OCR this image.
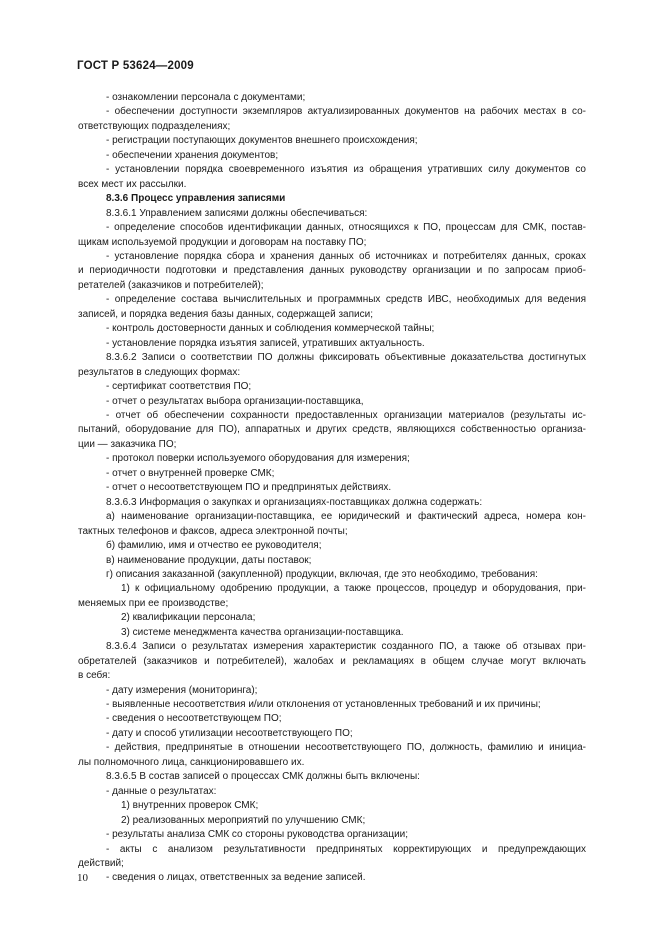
ГОСТ Р 53624—2009
- ознакомлении персонала с документами;
- обеспечении доступности экземпляров актуализированных документов на рабочих местах в со-
ответствующих подразделениях;
- регистрации поступающих документов внешнего происхождения;
- обеспечении хранения документов;
- установлении порядка своевременного изъятия из обращения утративших силу документов со
всех мест их рассылки.
8.3.6 Процесс управления записями
8.3.6.1 Управлением записями должны обеспечиваться:
- определение способов идентификации данных, относящихся к ПО, процессам для СМК, постав-
щикам используемой продукции и договорам на поставку ПО;
- установление порядка сбора и хранения данных об источниках и потребителях данных, сроках
и периодичности подготовки и представления данных руководству организации и по запросам приоб-
ретателей (заказчиков и потребителей);
- определение состава вычислительных и программных средств ИВС, необходимых для ведения
записей, и порядка ведения базы данных, содержащей записи;
- контроль достоверности данных и соблюдения коммерческой тайны;
- установление порядка изъятия записей, утративших актуальность.
8.3.6.2 Записи о соответствии ПО должны фиксировать объективные доказательства достигнутых
результатов в следующих формах:
- сертификат соответствия ПО;
- отчет о результатах выбора организации-поставщика,
- отчет об обеспечении сохранности предоставленных организации материалов (результаты ис-
пытаний, оборудование для ПО), аппаратных и других средств, являющихся собственностью организа-
ции — заказчика ПО;
- протокол поверки используемого оборудования для измерения;
- отчет о внутренней проверке СМК;
- отчет о несоответствующем ПО и предпринятых действиях.
8.3.6.3 Информация о закупках и организациях-поставщиках должна содержать:
а) наименование организации-поставщика, ее юридический и фактический адреса, номера кон-
тактных телефонов и факсов, адреса электронной почты;
б) фамилию, имя и отчество ее руководителя;
в) наименование продукции, даты поставок;
г) описания заказанной (закупленной) продукции, включая, где это необходимо, требования:
1) к официальному одобрению продукции, а также процессов, процедур и оборудования, при-
меняемых при ее производстве;
2) квалификации персонала;
3) системе менеджмента качества организации-поставщика.
8.3.6.4 Записи о результатах измерения характеристик созданного ПО, а также об отзывах при-
обретателей (заказчиков и потребителей), жалобах и рекламациях в общем случае могут включать
в себя:
- дату измерения (мониторинга);
- выявленные несоответствия и/или отклонения от установленных требований и их причины;
- сведения о несоответствующем ПО;
- дату и способ утилизации несоответствующего ПО;
- действия, предпринятые в отношении несоответствующего ПО, должность, фамилию и инициа-
лы полномочного лица, санкционировавшего их.
8.3.6.5 В состав записей о процессах СМК должны быть включены:
- данные о результатах:
1) внутренних проверок СМК;
2) реализованных мероприятий по улучшению СМК;
- результаты анализа СМК со стороны руководства организации;
- акты с анализом результативности предпринятых корректирующих и предупреждающих
действий;
- сведения о лицах, ответственных за ведение записей.
10
